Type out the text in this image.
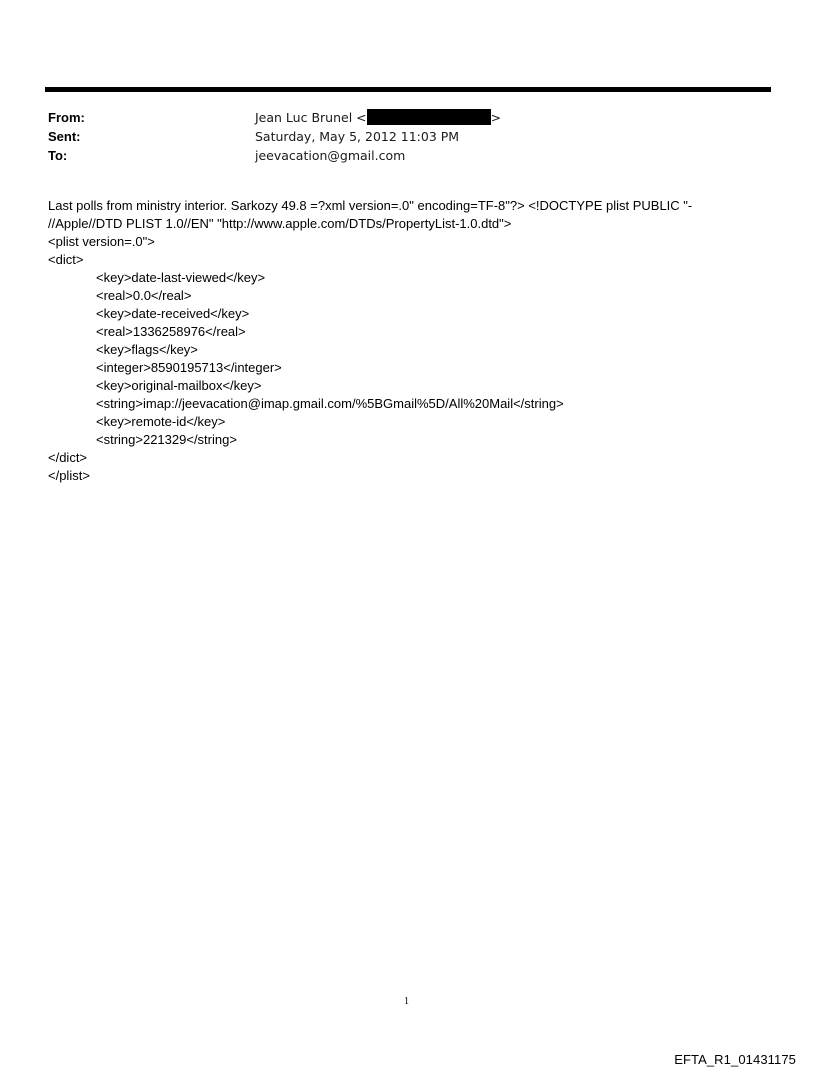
From:	Jean Luc Brunel <	>
Sent:	Saturday, May 5, 2012 11:03 PM
To:	jeevacation@gmail.com
Last polls from ministry interior. Sarkozy 49.8 =?xml version=.0" encoding=TF-8"?> <!DOCTYPE plist PUBLIC "-
//Apple//DTD PLIST 1.0//EN" "http://www.apple.com/DTDs/PropertyList-1.0.dtd">
<plist version=.0">
<dict>
<key>date-last-viewed</key>
<real>0.0</real>
<key>date-received</key>
<real>1336258976</real>
<key>flags</key>
<integer>8590195713</integer>
<key>original-mailbox</key>
<string>imap://jeevacation@imap.gmail.com/%5BGmail%5D/All%20Mail</string>
<key>remote-id</key>
<string>221329</string>
</dict>
</plist>
1
EFTA_R1_01431175
